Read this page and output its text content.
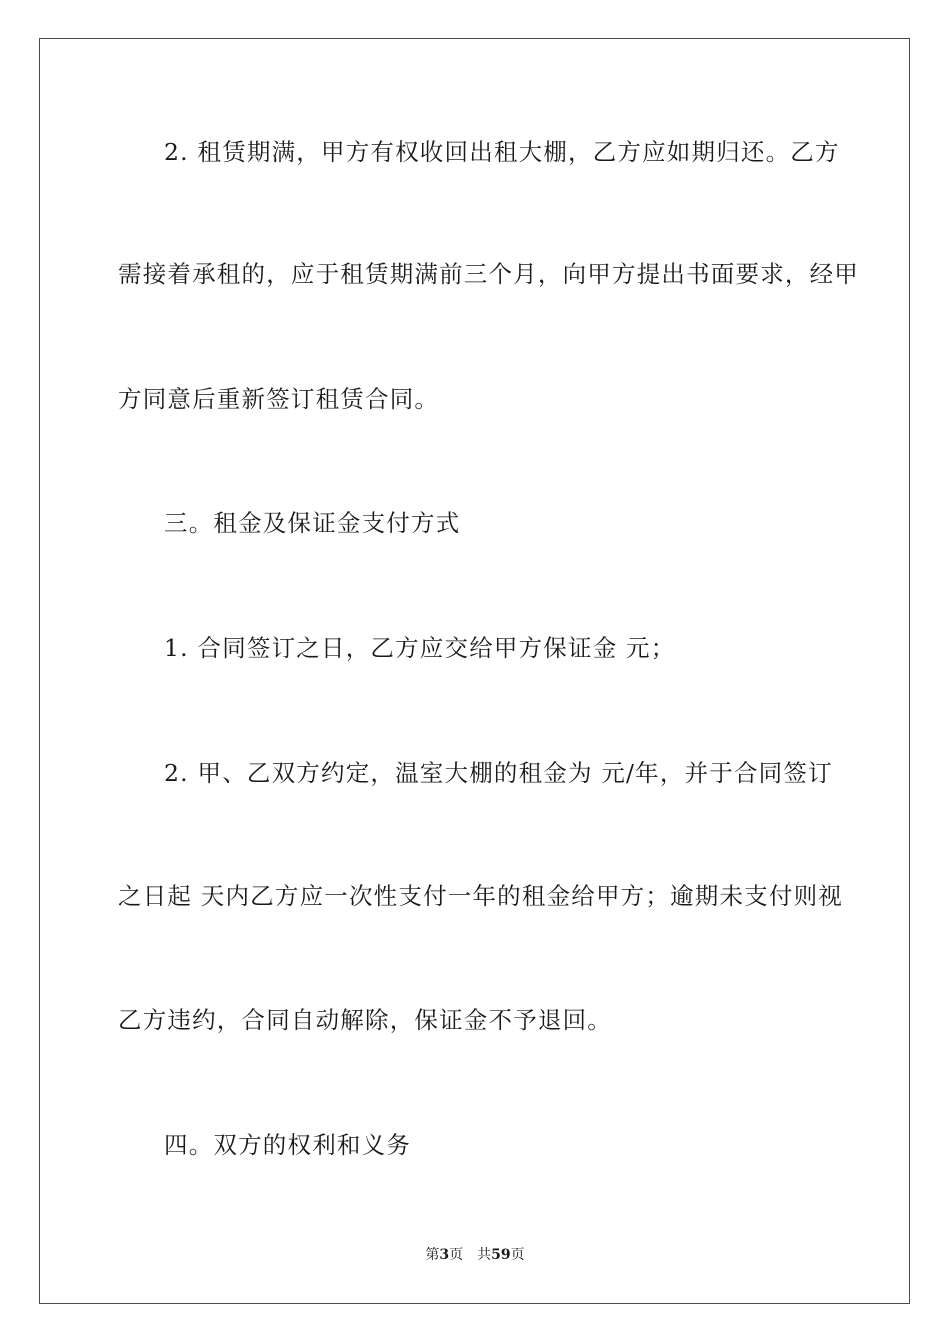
2. 租赁期满，甲方有权收回出租大棚，乙方应如期归还。乙方
需接着承租的，应于租赁期满前三个月，向甲方提出书面要求，经甲
方同意后重新签订租赁合同。
三。租金及保证金支付方式
1. 合同签订之日，乙方应交给甲方保证金 元；
2. 甲、乙双方约定，温室大棚的租金为 元/年，并于合同签订
之日起 天内乙方应一次性支付一年的租金给甲方；逾期未支付则视
乙方违约，合同自动解除，保证金不予退回。
四。双方的权利和义务
第3页 共59页
